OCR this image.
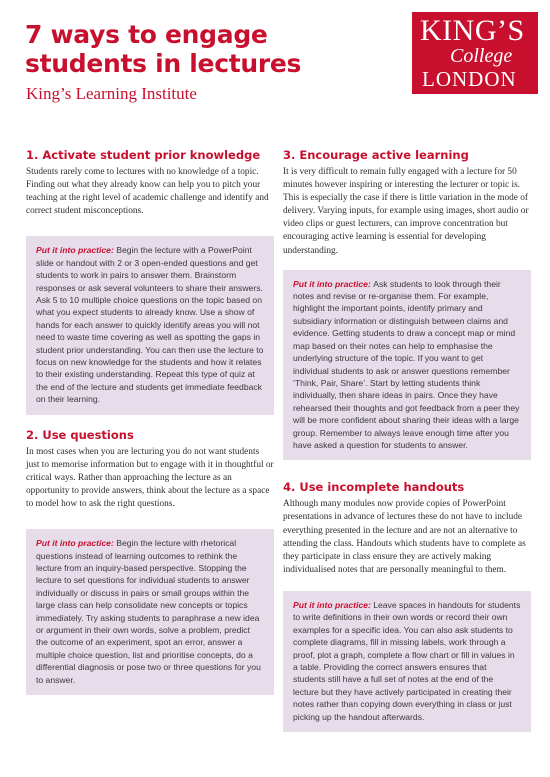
7 ways to engage students in lectures

King’s Learning Institute

KING’S
College
LONDON
1. Activate student prior knowledge

Students rarely come to lectures with no knowledge of a topic. Finding out what they already know can help you to pitch your teaching at the right level of academic challenge and identify and correct student misconceptions.

Put it into practice: Begin the lecture with a PowerPoint slide or handout with 2 or 3 open-ended questions and get students to work in pairs to answer them. Brainstorm responses or ask several volunteers to share their answers. Ask 5 to 10 multiple choice questions on the topic based on what you expect students to already know. Use a show of hands for each answer to quickly identify areas you will not need to waste time covering as well as spotting the gaps in student prior understanding. You can then use the lecture to focus on new knowledge for the students and how it relates to their existing understanding. Repeat this type of quiz at the end of the lecture and students get immediate feedback on their learning.
2. Use questions

In most cases when you are lecturing you do not want students just to memorise information but to engage with it in thoughtful or critical ways. Rather than approaching the lecture as an opportunity to provide answers, think about the lecture as a space to model how to ask the right questions.

Put it into practice: Begin the lecture with rhetorical questions instead of learning outcomes to rethink the lecture from an inquiry-based perspective. Stopping the lecture to set questions for individual students to answer individually or discuss in pairs or small groups within the large class can help consolidate new concepts or topics immediately. Try asking students to paraphrase a new idea or argument in their own words, solve a problem, predict the outcome of an experiment, spot an error, answer a multiple choice question, list and prioritise concepts, do a differential diagnosis or pose two or three questions for you to answer.
3. Encourage active learning

It is very difficult to remain fully engaged with a lecture for 50 minutes however inspiring or interesting the lecturer or topic is. This is especially the case if there is little variation in the mode of delivery. Varying inputs, for example using images, short audio or video clips or guest lecturers, can improve concentration but encouraging active learning is essential for developing understanding.

Put it into practice: Ask students to look through their notes and revise or re-organise them. For example, highlight the important points, identify primary and subsidiary information or distinguish between claims and evidence. Getting students to draw a concept map or mind map based on their notes can help to emphasise the underlying structure of the topic. If you want to get individual students to ask or answer questions remember ‘Think, Pair, Share’. Start by letting students think individually, then share ideas in pairs. Once they have rehearsed their thoughts and got feedback from a peer they will be more confident about sharing their ideas with a large group. Remember to always leave enough time after you have asked a question for students to answer.
4. Use incomplete handouts

Although many modules now provide copies of PowerPoint presentations in advance of lectures these do not have to include everything presented in the lecture and are not an alternative to attending the class. Handouts which students have to complete as they participate in class ensure they are actively making individualised notes that are personally meaningful to them.

Put it into practice: Leave spaces in handouts for students to write definitions in their own words or record their own examples for a specific idea. You can also ask students to complete diagrams, fill in missing labels, work through a proof, plot a graph, complete a flow chart or fill in values in a table. Providing the correct answers ensures that students still have a full set of notes at the end of the lecture but they have actively participated in creating their notes rather than copying down everything in class or just picking up the handout afterwards.
